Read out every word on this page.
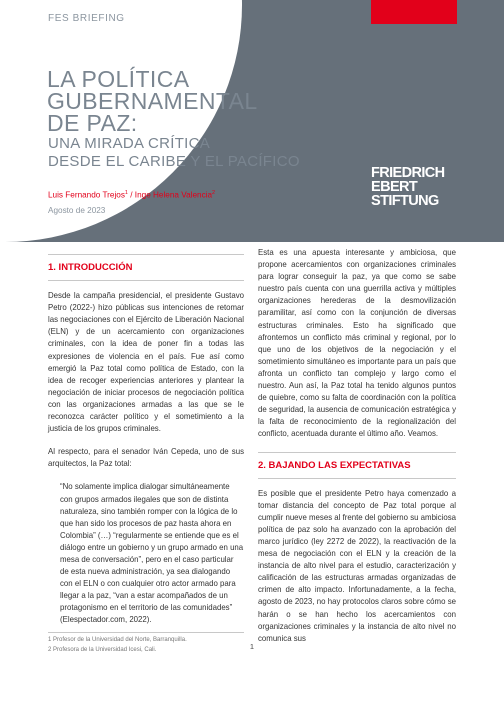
FES BRIEFING
LA POLÍTICA
GUBERNAMENTAL
DE PAZ:
UNA MIRADA CRÍTICA
DESDE EL CARIBE Y EL PACÍFICO
Luis Fernando Trejos$^1$ / Inge Helena Valencia$^2$
Agosto de 2023
FRIEDRICH
EBERT
STIFTUNG
1. INTRODUCCIÓN

Desde la campaña presidencial, el presidente Gustavo Petro (2022-) hizo públicas sus intenciones de retomar las negociaciones con el Ejército de Liberación Nacional (ELN) y de un acercamiento con organizaciones criminales, con la idea de poner fin a todas las expresiones de violencia en el país. Fue así como emergió la Paz total como política de Estado, con la idea de recoger experiencias anteriores y plantear la negociación de iniciar procesos de negociación política con las organizaciones armadas a las que se le reconozca carácter político y el sometimiento a la justicia de los grupos criminales.

Al respecto, para el senador Iván Cepeda, uno de sus arquitectos, la Paz total:

“No solamente implica dialogar simultáneamente con grupos armados ilegales que son de distinta naturaleza, sino también romper con la lógica de lo que han sido los procesos de paz hasta ahora en Colombia” (…) “regularmente se entiende que es el diálogo entre un gobierno y un grupo armado en una mesa de conversación”, pero en el caso particular de esta nueva administración, ya sea dialogando con el ELN o con cualquier otro actor armado para llegar a la paz, “van a estar acompañados de un protagonismo en el territorio de las comunidades” (Elespectador.com, 2022).

Esta es una apuesta interesante y ambiciosa, que propone acercamientos con organizaciones criminales para lograr conseguir la paz, ya que como se sabe nuestro país cuenta con una guerrilla activa y múltiples organizaciones herederas de la desmovilización paramilitar, así como con la conjunción de diversas estructuras criminales. Esto ha significado que afrontemos un conflicto más criminal y regional, por lo que uno de los objetivos de la negociación y el sometimiento simultáneo es importante para un país que afronta un conflicto tan complejo y largo como el nuestro. Aun así, la Paz total ha tenido algunos puntos de quiebre, como su falta de coordinación con la política de seguridad, la ausencia de comunicación estratégica y la falta de reconocimiento de la regionalización del conflicto, acentuada durante el último año. Veamos.

2. BAJANDO LAS EXPECTATIVAS

Es posible que el presidente Petro haya comenzado a tomar distancia del concepto de Paz total porque al cumplir nueve meses al frente del gobierno su ambiciosa política de paz solo ha avanzado con la aprobación del marco jurídico (ley 2272 de 2022), la reactivación de la mesa de negociación con el ELN y la creación de la instancia de alto nivel para el estudio, caracterización y calificación de las estructuras armadas organizadas de crimen de alto impacto. Infortunadamente, a la fecha, agosto de 2023, no hay protocolos claros sobre cómo se harán o se han hecho los acercamientos con organizaciones criminales y la instancia de alto nivel no comunica sus

1 Profesor de la Universidad del Norte, Barranquilla.
2 Profesora de la Universidad Icesi, Cali.	1
